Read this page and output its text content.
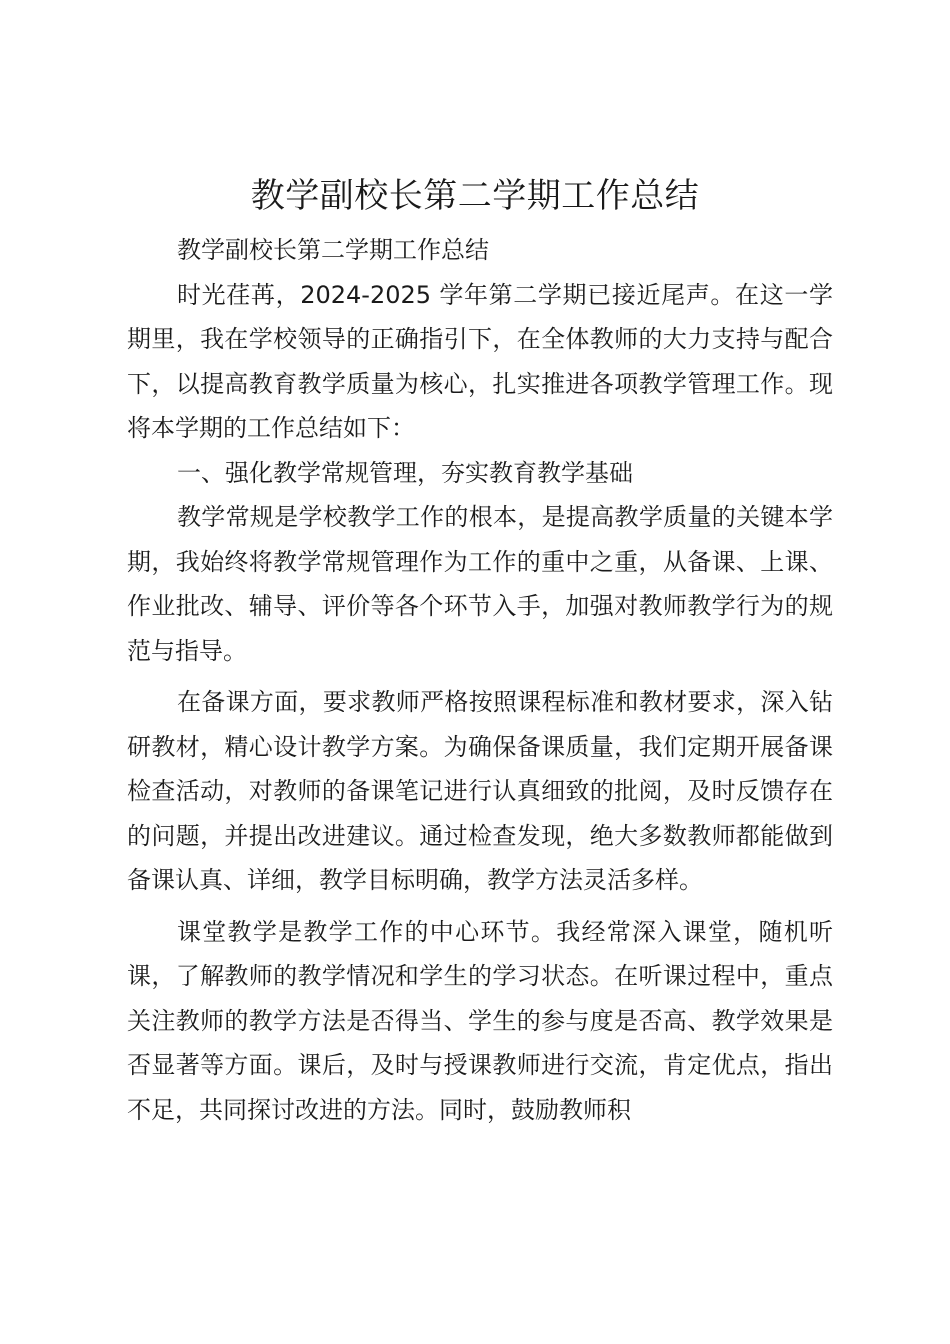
教学副校长第二学期工作总结

教学副校长第二学期工作总结

时光荏苒，2024-2025 学年第二学期已接近尾声。在这一学期里，我在学校领导的正确指引下，在全体教师的大力支持与配合下，以提高教育教学质量为核心，扎实推进各项教学管理工作。现将本学期的工作总结如下：

一、强化教学常规管理，夯实教育教学基础

教学常规是学校教学工作的根本，是提高教学质量的关键本学期，我始终将教学常规管理作为工作的重中之重，从备课、上课、作业批改、辅导、评价等各个环节入手，加强对教师教学行为的规范与指导。

在备课方面，要求教师严格按照课程标准和教材要求，深入钻研教材，精心设计教学方案。为确保备课质量，我们定期开展备课检查活动，对教师的备课笔记进行认真细致的批阅，及时反馈存在的问题，并提出改进建议。通过检查发现，绝大多数教师都能做到备课认真、详细，教学目标明确，教学方法灵活多样。

课堂教学是教学工作的中心环节。我经常深入课堂，随机听课，了解教师的教学情况和学生的学习状态。在听课过程中，重点关注教师的教学方法是否得当、学生的参与度是否高、教学效果是否显著等方面。课后，及时与授课教师进行交流，肯定优点，指出不足，共同探讨改进的方法。同时，鼓励教师积
